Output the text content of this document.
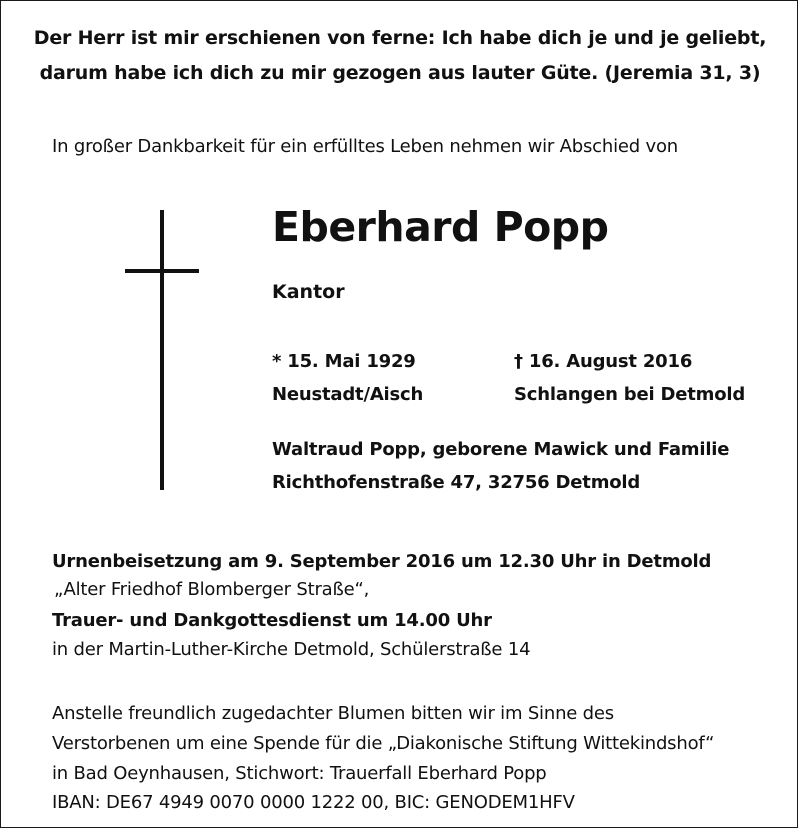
Der Herr ist mir erschienen von ferne: Ich habe dich je und je geliebt,
darum habe ich dich zu mir gezogen aus lauter Güte. (Jeremia 31, 3)
In großer Dankbarkeit für ein erfülltes Leben nehmen wir Abschied von
Eberhard Popp
Kantor
* 15. Mai 1929
Neustadt/Aisch
† 16. August 2016
Schlangen bei Detmold
Waltraud Popp, geborene Mawick und Familie
Richthofenstraße 47, 32756 Detmold
Urnenbeisetzung am 9. September 2016 um 12.30 Uhr in Detmold
„Alter Friedhof Blomberger Straße“,
Trauer- und Dankgottesdienst um 14.00 Uhr
in der Martin-Luther-Kirche Detmold, Schülerstraße 14
Anstelle freundlich zugedachter Blumen bitten wir im Sinne des
Verstorbenen um eine Spende für die „Diakonische Stiftung Wittekindshof“
in Bad Oeynhausen, Stichwort: Trauerfall Eberhard Popp
IBAN: DE67 4949 0070 0000 1222 00, BIC: GENODEM1HFV
